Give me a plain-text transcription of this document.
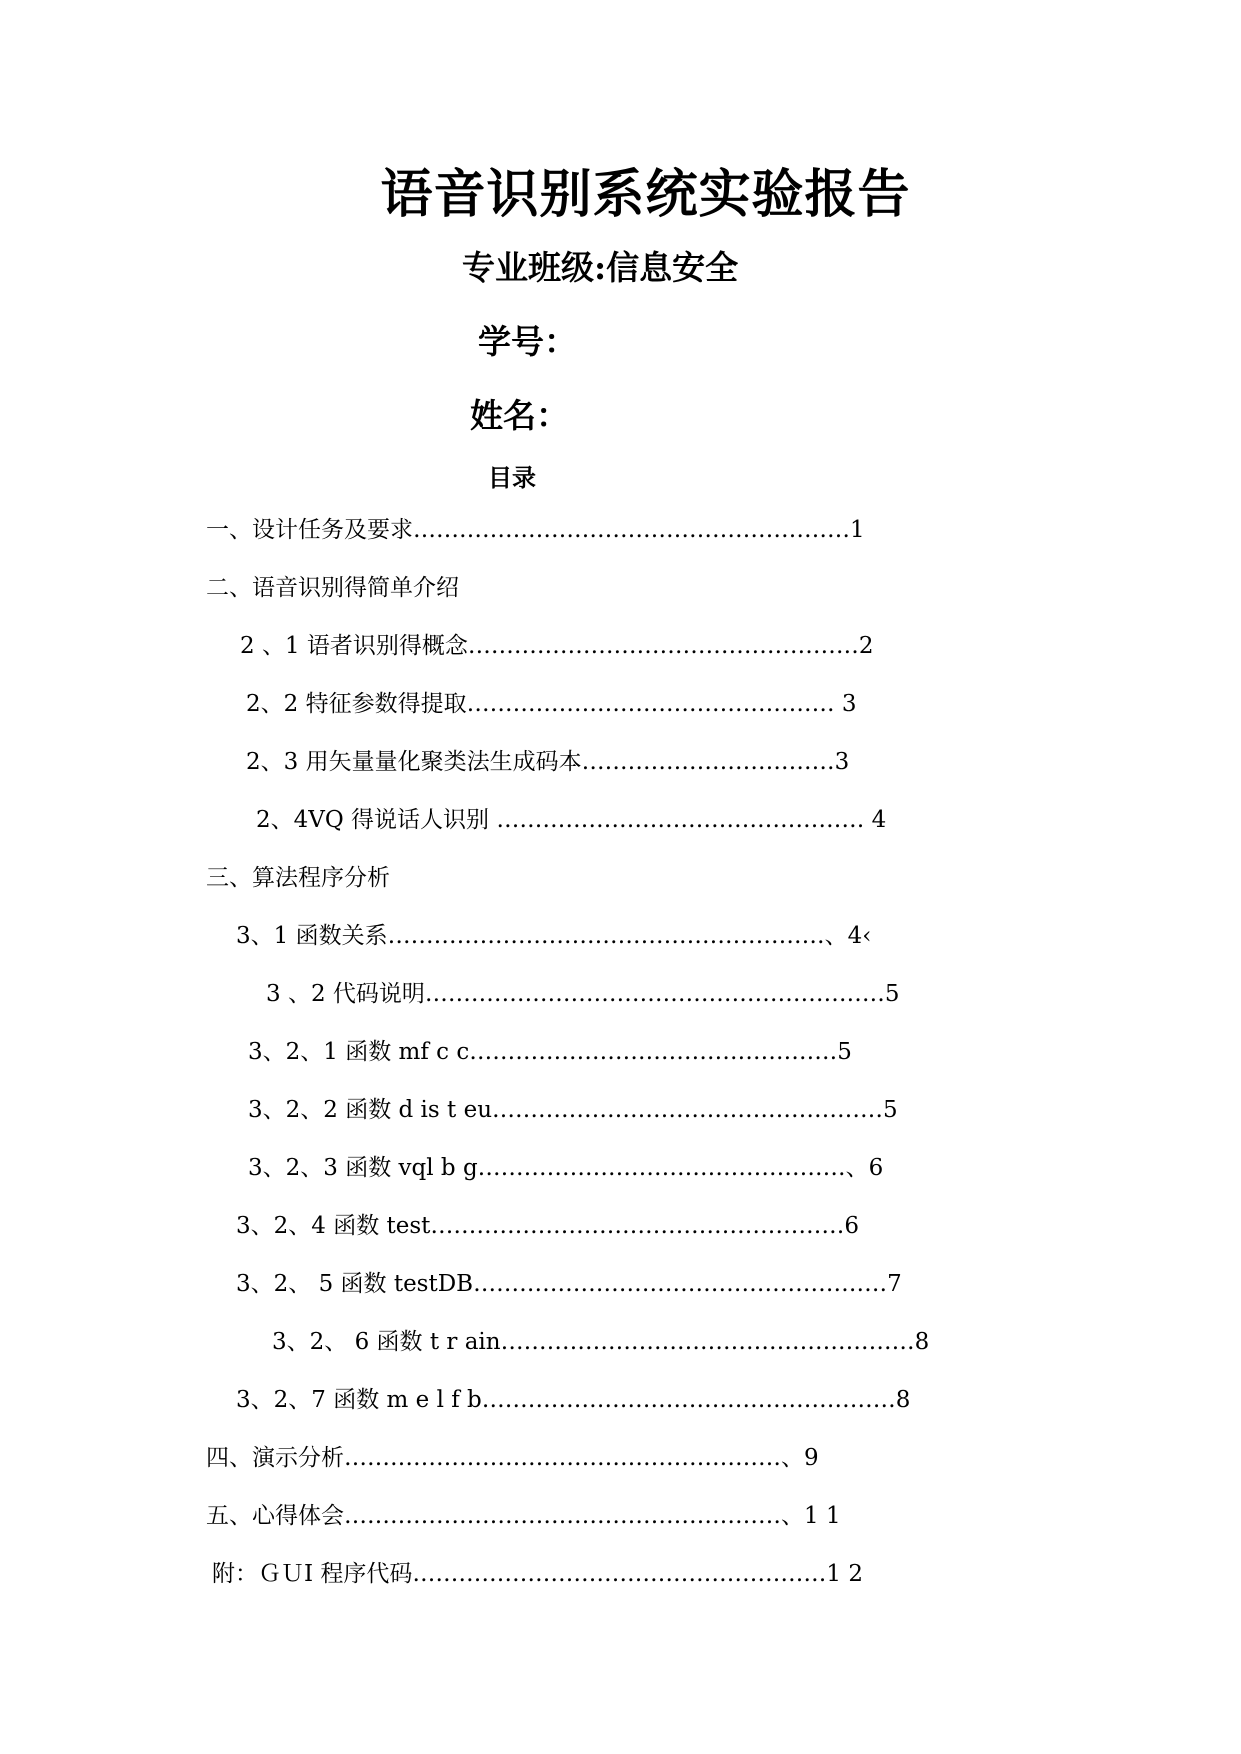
语音识别系统实验报告

专业班级:信息安全

学号：

姓名：

目录

一、设计任务及要求…………………………………………………1
二、语音识别得简单介绍
2 、1 语者识别得概念……………………………………………2
2、2 特征参数得提取………………………………………… 3
2、3 用矢量量化聚类法生成码本……………………………3
2、4VQ 得说话人识别 ………………………………………… 4
三、算法程序分析
3、1 函数关系…………………………………………………、4‹
3 、2 代码说明……………………………………………………5
3、2、1 函数 mf c c…………………………………………5
3、2、2 函数 d is t eu……………………………………………5
3、2、3 函数 vql b g…………………………………………、6
3、2、4 函数 test………………………………………………6
3、2、 5 函数 testDB………………………………………………7
3、2、 6 函数 t r ain………………………………………………8
3、2、7 函数 m e l f b………………………………………………8
四、演示分析…………………………………………………、9
五、心得体会…………………………………………………、1 1
附：ＧＵI 程序代码………………………………………………1 2
